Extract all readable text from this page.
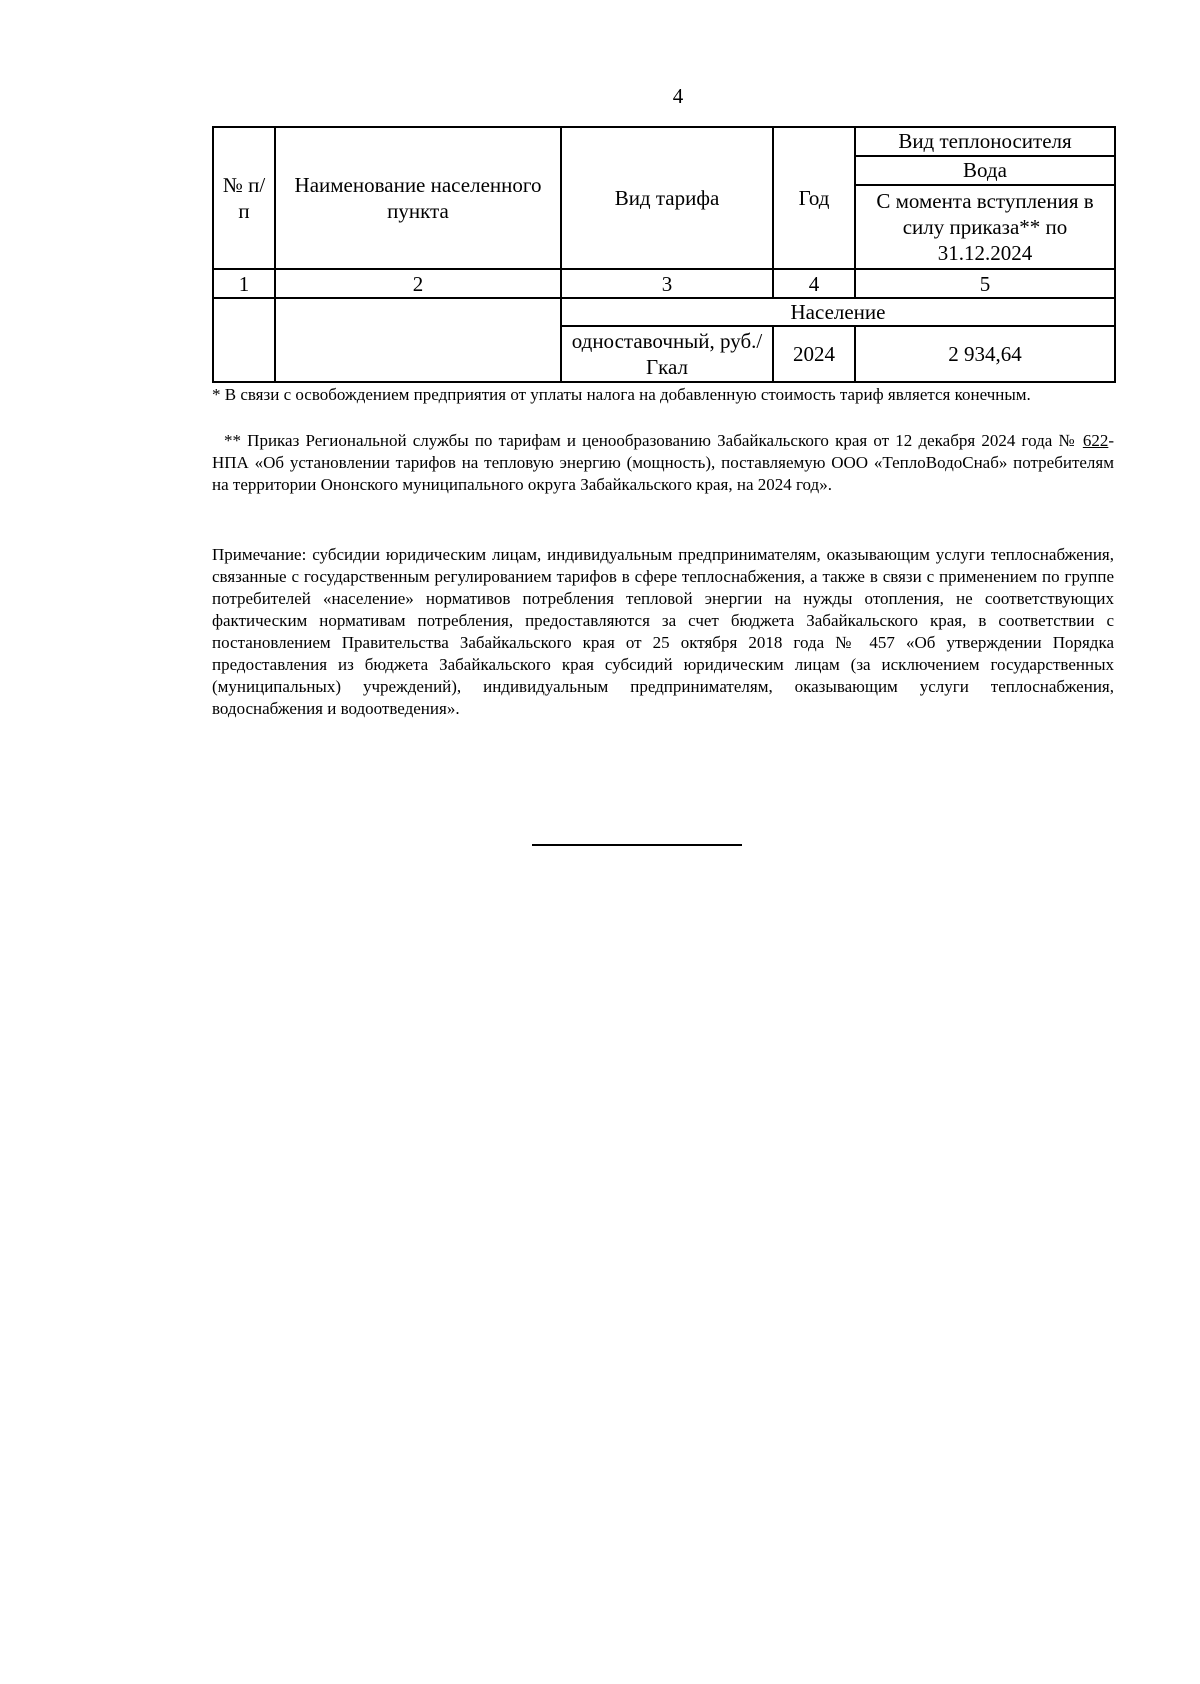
4
№ п/п	Наименование населенного пункта	Вид тарифа	Год	Вид теплоносителя
				Вода
				С момента вступления в силу приказа** по 31.12.2024
1	2	3	4	5
		Население		
		одноставочный, руб./Гкал	2024	2 934,64
* В связи с освобождением предприятия от уплаты налога на добавленную стоимость тариф является конечным.
** Приказ Региональной службы по тарифам и ценообразованию Забайкальского края от 12 декабря 2024 года № 622-НПА «Об установлении тарифов на тепловую энергию (мощность), поставляемую ООО «ТеплоВодоСнаб» потребителям на территории Ононского муниципального округа Забайкальского края, на 2024 год».
Примечание: субсидии юридическим лицам, индивидуальным предпринимателям, оказывающим услуги теплоснабжения, связанные с государственным регулированием тарифов в сфере теплоснабжения, а также в связи с применением по группе потребителей «население» нормативов потребления тепловой энергии на нужды отопления, не соответствующих фактическим нормативам потребления, предоставляются за счет бюджета Забайкальского края, в соответствии с постановлением Правительства Забайкальского края от 25 октября 2018 года № 457 «Об утверждении Порядка предоставления из бюджета Забайкальского края субсидий юридическим лицам (за исключением государственных (муниципальных) учреждений), индивидуальным предпринимателям, оказывающим услуги теплоснабжения, водоснабжения и водоотведения».
